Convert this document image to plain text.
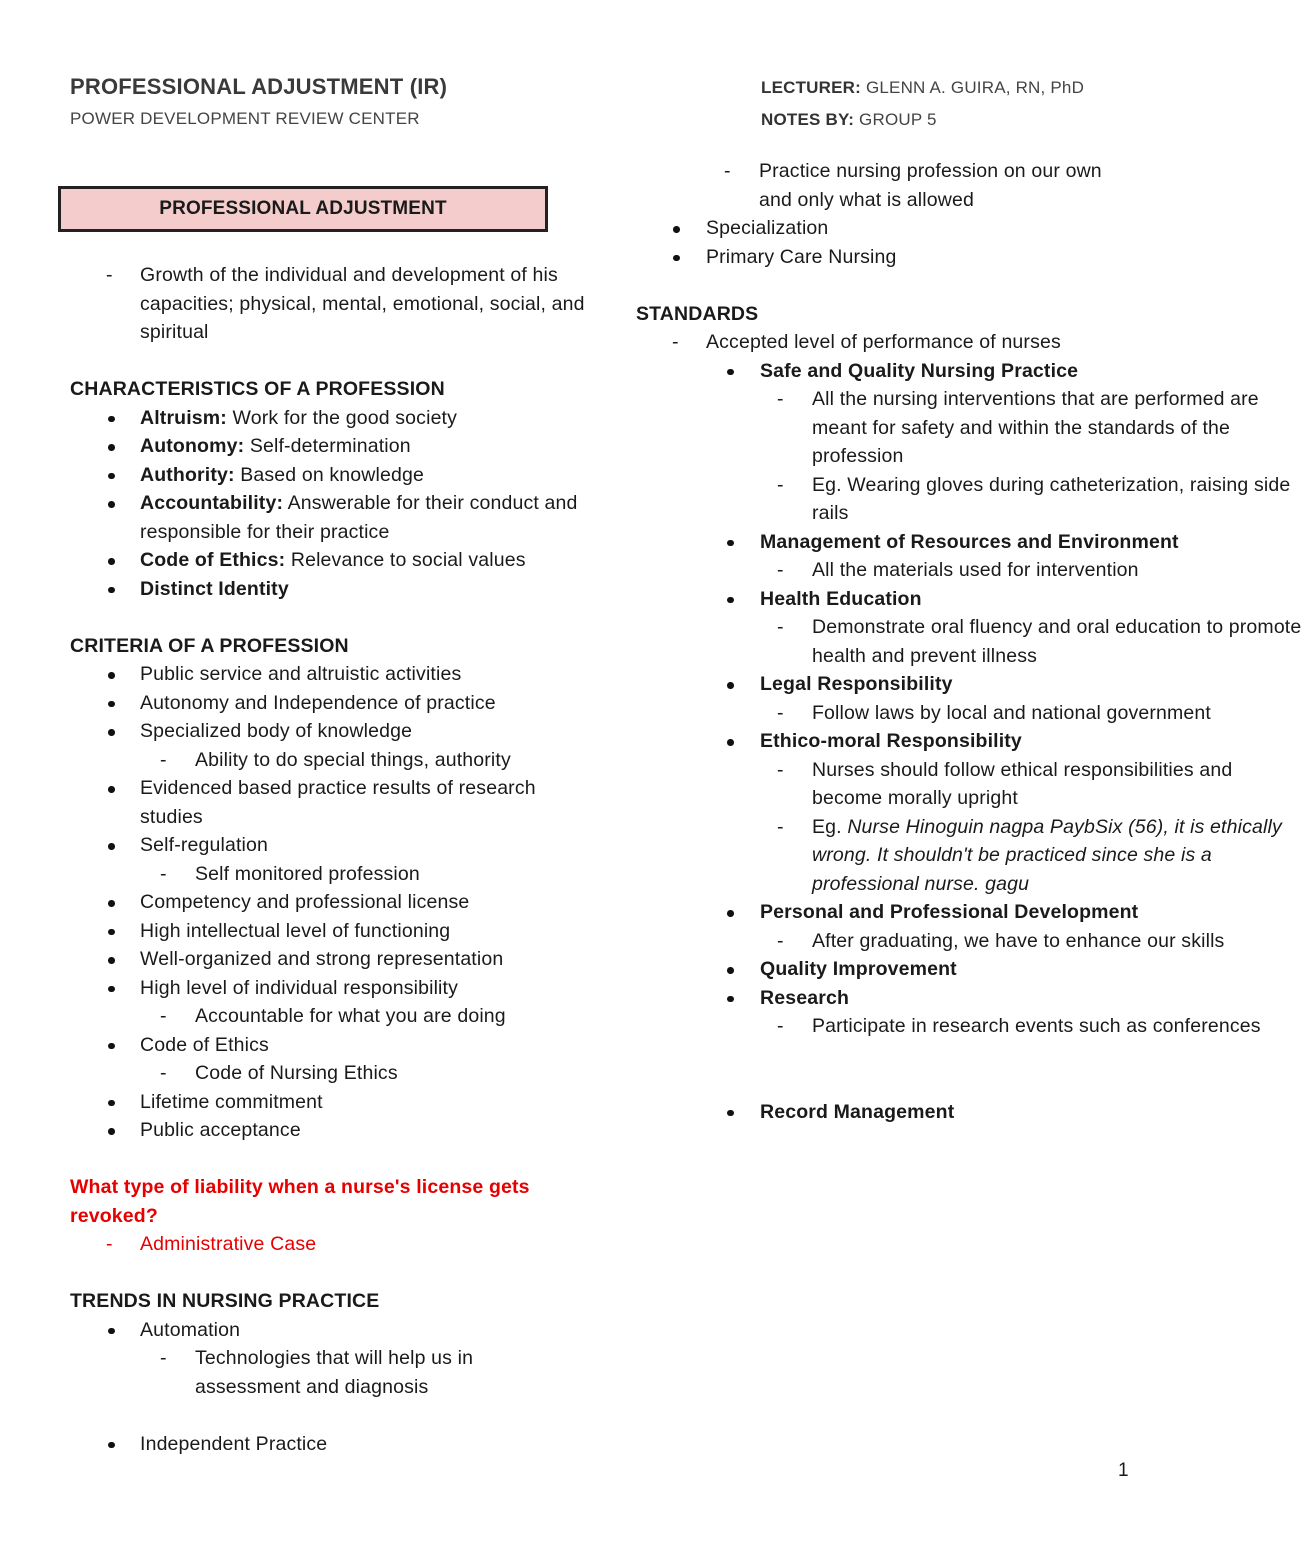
PROFESSIONAL ADJUSTMENT (IR)
POWER DEVELOPMENT REVIEW CENTER
LECTURER: GLENN A. GUIRA, RN, PhD
NOTES BY: GROUP 5
PROFESSIONAL ADJUSTMENT
- Growth of the individual and development of his capacities; physical, mental, emotional, social, and spiritual
CHARACTERISTICS OF A PROFESSION
Altruism: Work for the good society
Autonomy: Self-determination
Authority: Based on knowledge
Accountability: Answerable for their conduct and responsible for their practice
Code of Ethics: Relevance to social values
Distinct Identity
CRITERIA OF A PROFESSION
Public service and altruistic activities
Autonomy and Independence of practice
Specialized body of knowledge
- Ability to do special things, authority
Evidenced based practice results of research studies
Self-regulation
- Self monitored profession
Competency and professional license
High intellectual level of functioning
Well-organized and strong representation
High level of individual responsibility
- Accountable for what you are doing
Code of Ethics
- Code of Nursing Ethics
Lifetime commitment
Public acceptance
What type of liability when a nurse's license gets revoked?
- Administrative Case
TRENDS IN NURSING PRACTICE
Automation
- Technologies that will help us in assessment and diagnosis
Independent Practice
- Practice nursing profession on our own and only what is allowed
Specialization
Primary Care Nursing
STANDARDS
- Accepted level of performance of nurses
Safe and Quality Nursing Practice
- All the nursing interventions that are performed are meant for safety and within the standards of the profession
- Eg. Wearing gloves during catheterization, raising side rails
Management of Resources and Environment
- All the materials used for intervention
Health Education
- Demonstrate oral fluency and oral education to promote health and prevent illness
Legal Responsibility
- Follow laws by local and national government
Ethico-moral Responsibility
- Nurses should follow ethical responsibilities and become morally upright
- Eg. Nurse Hinoguin nagpa PaybSix (56), it is ethically wrong. It shouldn't be practiced since she is a professional nurse. gagu
Personal and Professional Development
- After graduating, we have to enhance our skills
Quality Improvement
Research
- Participate in research events such as conferences
Record Management
1
